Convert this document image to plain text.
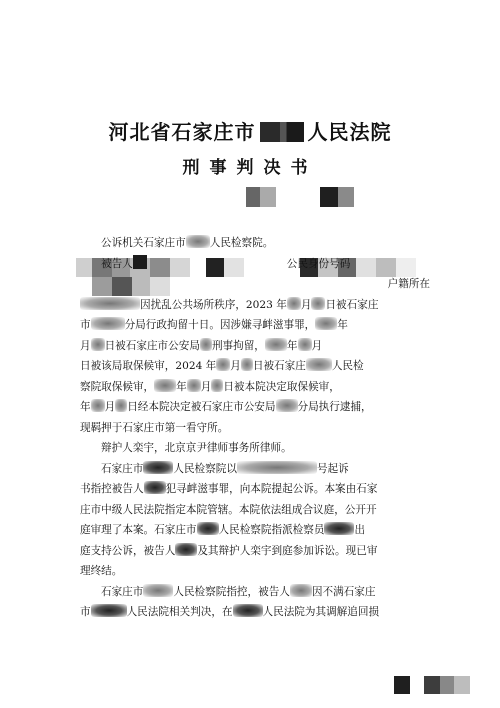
河北省石家庄市	人民法院
刑事判决书
公诉机关石家庄市 人民检察院。
被告人	公民身份号码
户籍所在
因扰乱公共场所秩序，2023 年 月 日被石家庄
市	分局行政拘留十日。因涉嫌寻衅滋事罪， 年
月 日被石家庄市公安局 刑事拘留， 年 月
日被该局取保候审，2024 年 月 日被石家庄 人民检
察院取保候审， 年 月 日被本院决定取保候审，
年 月 日经本院决定被石家庄市公安局 分局执行逮捕，
现羁押于石家庄市第一看守所。
辩护人栾宇，北京京尹律师事务所律师。
石家庄市	人民检察院以	号起诉
书指控被告人 犯寻衅滋事罪，向本院提起公诉。本案由石家
庄市中级人民法院指定本院管辖。本院依法组成合议庭，公开开
庭审理了本案。石家庄市 人民检察院指派检察员	出
庭支持公诉，被告人 及其辩护人栾宇到庭参加诉讼。现已审
理终结。
石家庄市	人民检察院指控，被告人 因不满石家庄
市	人民法院相关判决，在	人民法院为其调解追回损
